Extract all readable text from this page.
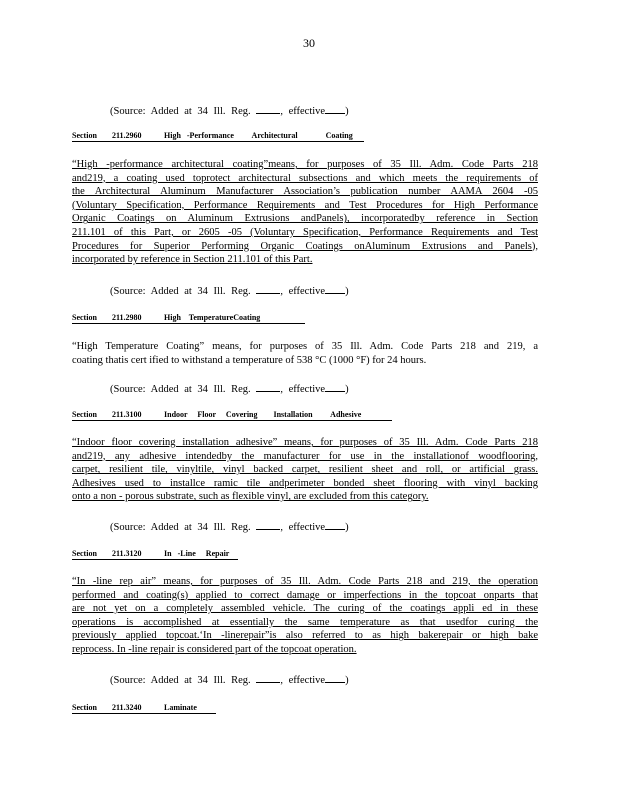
30
(Source: Added at 34 Ill. Reg.	, effective )
Section	211.2960	High   -Performance         Architectural              Coating
“High -performance architectural coating”means, for purposes of 35 Ill. Adm. Code Parts 218
and219, a coating used toprotect architectural subsections and which meets the requirements of
the Architectural Aluminum Manufacturer Association’s publication number AAMA 2604 -05
(Voluntary Specification, Performance Requirements and Test Procedures for High Performance
Organic Coatings on Aluminum Extrusions andPanels), incorporatedby reference in Section
211.101 of this Part, or 2605 -05 (Voluntary Specification, Performance Requirements and Test
Procedures for Superior Performing Organic Coatings onAluminum Extrusions and Panels),
incorporated by reference in Section 211.101 of this Part.
(Source: Added at 34 Ill. Reg.	, effective )
Section	211.2980	High    TemperatureCoating
“High Temperature Coating” means, for purposes of 35 Ill. Adm. Code Parts 218 and 219, a
coating thatis cert ified to withstand a temperature of 538 °C (1000 °F) for 24 hours.
(Source: Added at 34 Ill. Reg.	, effective )
Section	211.3100	Indoor     Floor     Covering        Installation         Adhesive
“Indoor floor covering installation adhesive” means, for purposes of 35 Ill. Adm. Code Parts 218
and219, any adhesive intendedby the manufacturer for use in the installationof woodflooring,
carpet, resilient tile, vinyltile, vinyl backed carpet, resilient sheet and roll, or artificial grass.
Adhesives used to installce ramic tile andperimeter bonded sheet flooring with vinyl backing
onto a non - porous substrate, such as flexible vinyl, are excluded from this category.
(Source: Added at 34 Ill. Reg.	, effective )
Section	211.3120	In   -Line     Repair
“In -line rep air” means, for purposes of 35 Ill. Adm. Code Parts 218 and 219, the operation
performed and coating(s) applied to correct damage or imperfections in the topcoat onparts that
are not yet on a completely assembled vehicle. The curing of the coatings appli ed in these
operations is accomplished at essentially the same temperature as that usedfor curing the
previously applied topcoat.‘In -linerepair”is also referred to as high bakerepair or high bake
reprocess. In -line repair is considered part of the topcoat operation.
(Source: Added at 34 Ill. Reg.	, effective )
Section	211.3240	Laminate
